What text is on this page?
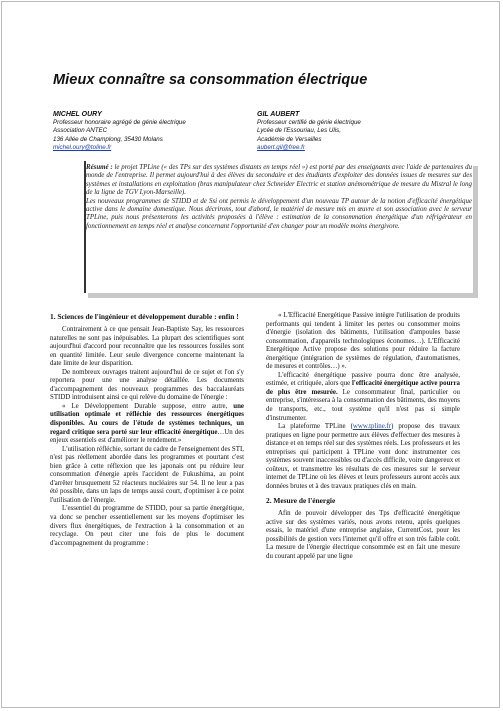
Mieux connaître sa consommation électrique
MICHEL OURY
Professeur honoraire agrégé de génie électrique
Association ANTEC
136 Allée de Champlong, 35430 Molans
michel.oury@toline.fr
GIL AUBERT
Professeur certifié de génie électrique
Lycée de l'Essouriau, Les Ulis,
Académie de Versailles
aubert.gil@free.fr
Résumé : le projet TPLine (« des TPs sur des systèmes distants en temps réel ») est porté par des enseignants avec l'aide de partenaires du monde de l'entreprise. Il permet aujourd'hui à des élèves du secondaire et des étudiants d'exploiter des données issues de mesures sur des systèmes et installations en exploitation (bras manipulateur chez Schneider Electric et station anémométrique de mesure du Mistral le long de la ligne de TGV Lyon-Marseille).
Les nouveaux programmes de STIDD et de Ssi ont permis le développement d'un nouveau TP autour de la notion d'efficacité énergétique active dans le domaine domestique. Nous décrirons, tout d'abord, le matériel de mesure mis en œuvre et son association avec le serveur TPLine, puis nous présenterons les activités proposées à l'élève : estimation de la consommation énergétique d'un réfrigérateur en fonctionnement en temps réel et analyse concernant l'opportunité d'en changer pour un modèle moins énergivore.

1. Sciences de l'ingénieur et développement durable : enfin !

Contrairement à ce que pensait Jean-Baptiste Say, les ressources naturelles ne sont pas inépuisables. La plupart des scientifiques sont aujourd'hui d'accord pour reconnaître que les ressources fossiles sont en quantité limitée. Leur seule divergence concerne maintenant la date limite de leur disparition.

De nombreux ouvrages traitent aujourd'hui de ce sujet et l'on s'y reportera pour une une analyse détaillée. Les documents d'accompagnement des nouveaux programmes des baccalauréats STIDD introduisent ainsi ce qui relève du domaine de l'énergie :

« Le Développement Durable suppose, entre autre, une utilisation optimale et réfléchie des ressources énergétiques disponibles. Au cours de l'étude de systèmes techniques, un regard critique sera porté sur leur efficacité énergétique…Un des enjeux essentiels est d'améliorer le rendement.»

L'utilisation réfléchie, sortant du cadre de l'enseignement des STI, n'est pas réellement abordée dans les programmes et pourtant c'est bien grâce à cette réflexion que les japonais ont pu réduire leur consommation d'énergie après l'accident de Fukushima, au point d'arrêter brusquement 52 réacteurs nucléaires sur 54. Il ne leur a pas été possible, dans un laps de temps aussi court, d'optimiser à ce point l'utilisation de l'énergie.

L'essentiel du programme de STIDD, pour sa partie énergétique, va donc se pencher essentiellement sur les moyens d'optimiser les divers flux énergétiques, de l'extraction à la consommation et au recyclage. On peut citer une fois de plus le document d'accompagnement du programme :

« L'Efficacité Energétique Passive intègre l'utilisation de produits performants qui tendent à limiter les pertes ou consommer moins d'énergie (isolation des bâtiments, l'utilisation d'ampoules basse consommation, d'appareils technologiques économes…). L'Efficacité Energétique Active propose des solutions pour réduire la facture énergétique (intégration de systèmes de régulation, d'automatismes, de mesures et contrôles…) ».

L'efficacité énergétique passive pourra donc être analysée, estimée, et critiquée, alors que l'efficacité énergétique active pourra de plus être mesurée. Le consommateur final, particulier ou entreprise, s'intéressera à la consommation des bâtiments, des moyens de transports, etc., tout système qu'il n'est pas si simple d'instrumenter.

La plateforme TPLine (www.tpline.fr) propose des travaux pratiques en ligne pour permettre aux élèves d'effectuer des mesures à distance et en temps réel sur des systèmes réels. Les professeurs et les entreprises qui participent à TPLine vont donc instrumenter ces systèmes souvent inaccessibles ou d'accès difficile, voire dangereux et coûteux, et transmettre les résultats de ces mesures sur le serveur internet de TPLine où les élèves et leurs professeurs auront accès aux données brutes et à des travaux pratiques clés en main.

2. Mesure de l'énergie

Afin de pouvoir développer des Tps d'efficacité énergétique active sur des systèmes variés, nous avons retenu, après quelques essais, le matériel d'une entreprise anglaise, CurrentCost, pour les possibilités de gestion vers l'internet qu'il offre et son très faible coût. La mesure de l'énergie électrique consommée est en fait une mesure du courant appelé par une ligne
